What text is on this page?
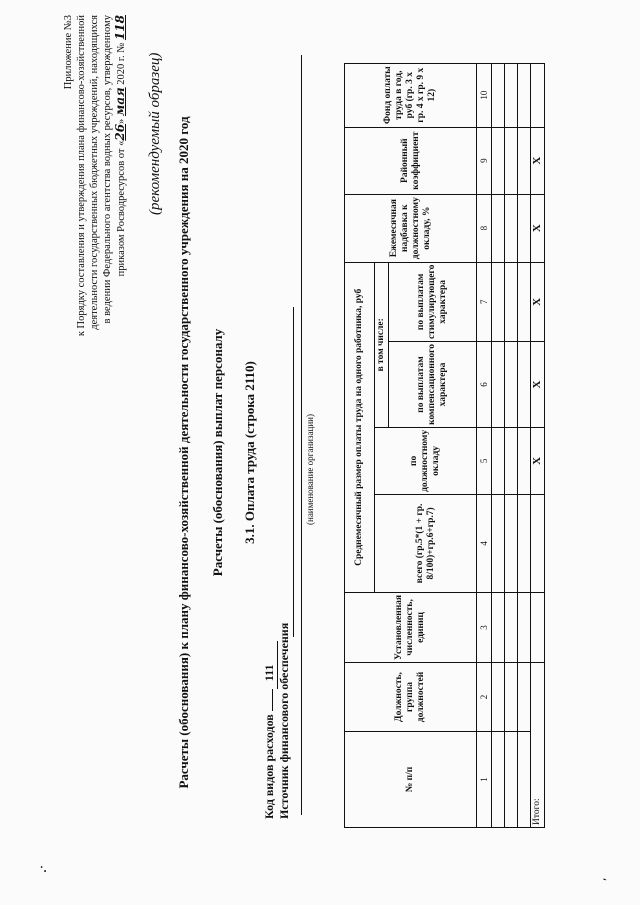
Приложение №3 к Порядку составления и утверждения плана финансово-хозяйственной деятельности государственных бюджетных учреждений, находящихся в ведении Федерального агентства водных ресурсов, утвержденному приказом Росводресурсов от «26» мая 2020 г. № 118
(рекомендуемый образец) Расчеты (обоснования) к плану финансово-хозяйственной деятельности государственного учреждения на 2020 год Расчеты (обоснования) выплат персоналу 3.1. Оплата труда (строка 2110)
Код видов расходов 111 Источник финансового обеспечения
(наименование организации)
№ п/п	Должность, группа должностей	Установленная численность, единиц	Среднемесячный размер оплаты труда на одного работника, руб				Ежемесячная надбавка к должностному окладу, %	Районный коэффициент	Фонд оплаты труда в год, руб (гр. 3 х гр. 4 х гр. 9 х 12)
			всего (гр.5*(1 + гр. 8/100)+гр.6+гр.7)	по должностному окладу	в том числе:				
					по выплатам компенсационного характера	по выплатам стимулирующего характера			
1	2	3	4	5	6	7	8	9	10

Итого:				X	X	X	X	X	
·˙
′
